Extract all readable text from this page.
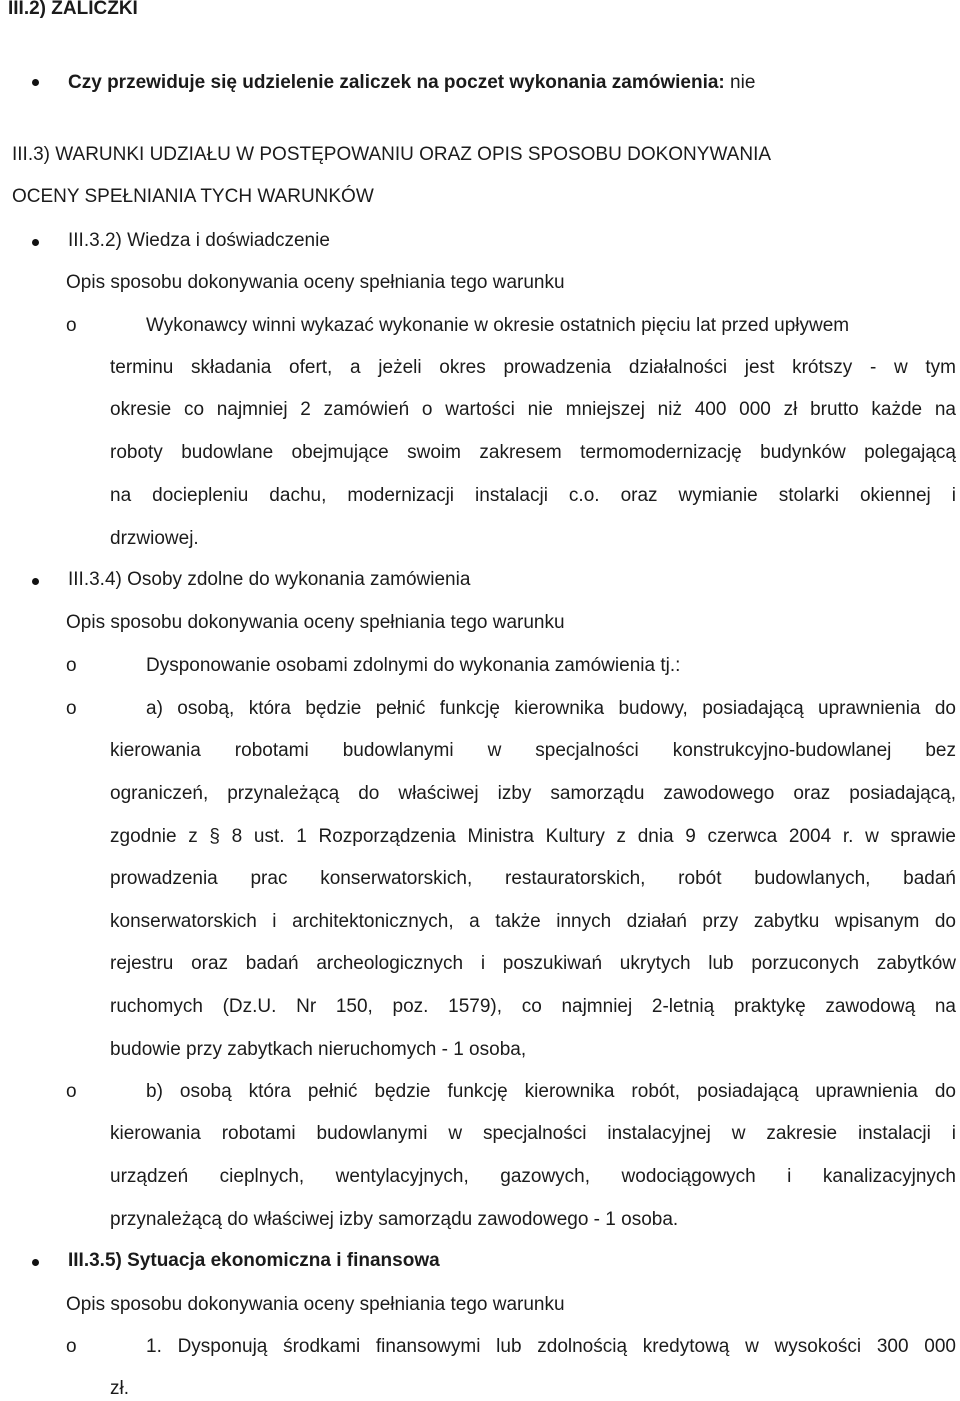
III.2) ZALICZKI
Czy przewiduje się udzielenie zaliczek na poczet wykonania zamówienia: nie
III.3) WARUNKI UDZIAŁU W POSTĘPOWANIU ORAZ OPIS SPOSOBU DOKONYWANIA
OCENY SPEŁNIANIA TYCH WARUNKÓW
III.3.2) Wiedza i doświadczenie
Opis sposobu dokonywania oceny spełniania tego warunku
o	Wykonawcy winni wykazać wykonanie w okresie ostatnich pięciu lat przed upływem
terminu składania ofert, a jeżeli okres prowadzenia działalności jest krótszy - w tym
okresie co najmniej 2 zamówień o wartości nie mniejszej niż 400 000 zł brutto każde na
roboty budowlane obejmujące swoim zakresem termomodernizację budynków polegającą
na docіepleniu dachu, modernizacji instalacji c.o. oraz wymianie stolarki okiennej i
drzwiowej.
III.3.4) Osoby zdolne do wykonania zamówienia
Opis sposobu dokonywania oceny spełniania tego warunku
o	Dysponowanie osobami zdolnymi do wykonania zamówienia tj.:
o	a) osobą, która będzie pełnić funkcję kierownika budowy, posiadającą uprawnienia do
kierowania robotami budowlanymi w specjalności konstrukcyjno-budowlanej bez
ograniczeń, przynależącą do właściwej izby samorządu zawodowego oraz posiadającą,
zgodnie z § 8 ust. 1 Rozporządzenia Ministra Kultury z dnia 9 czerwca 2004 r. w sprawie
prowadzenia prac konserwatorskich, restauratorskich, robót budowlanych, badań
konserwatorskich i architektonicznych, a także innych działań przy zabytku wpisanym do
rejestru oraz badań archeologicznych i poszukiwań ukrytych lub porzuconych zabytków
ruchomych (Dz.U. Nr 150, poz. 1579), co najmniej 2-letnią praktykę zawodową na
budowie przy zabytkach nieruchomych - 1 osoba,
o	b) osobą która pełnić będzie funkcję kierownika robót, posiadającą uprawnienia do
kierowania robotami budowlanymi w specjalności instalacyjnej w zakresie instalacji i
urządzeń cieplnych, wentylacyjnych, gazowych, wodociągowych i kanalizacyjnych
przynależącą do właściwej izby samorządu zawodowego - 1 osoba.
III.3.5) Sytuacja ekonomiczna i finansowa
Opis sposobu dokonywania oceny spełniania tego warunku
o	1. Dysponują środkami finansowymi lub zdolnością kredytową w wysokości 300 000
zł.
